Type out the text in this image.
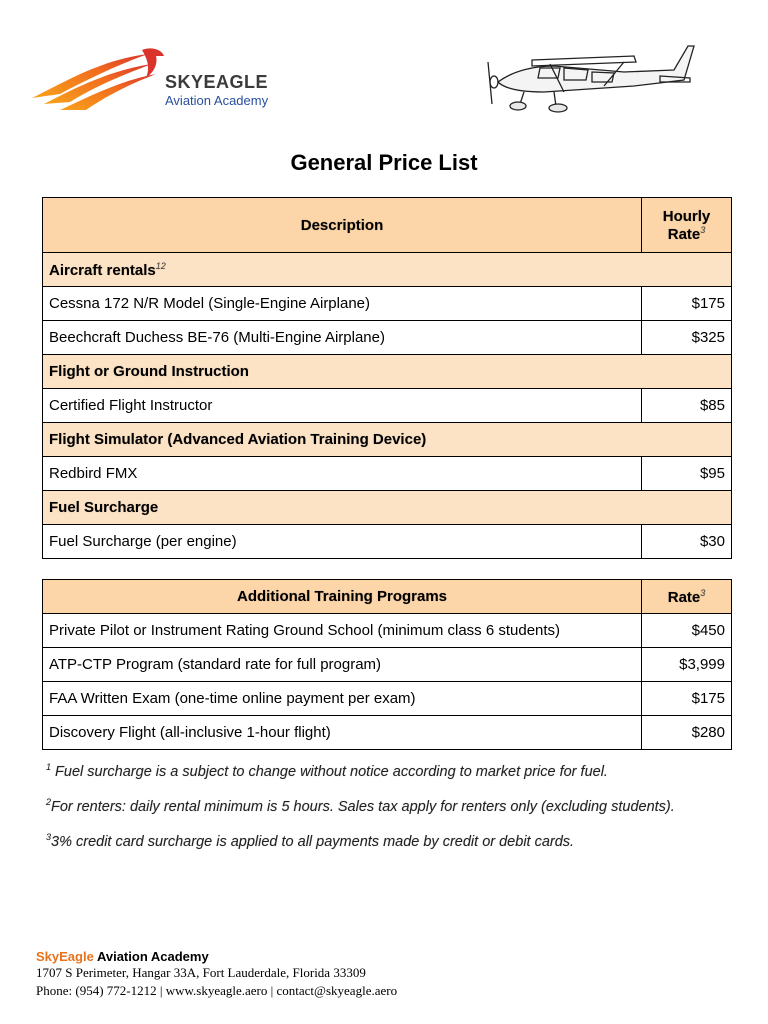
SKYEAGLE
Aviation Academy
General Price List
Description	Hourly Rate$^3$
Aircraft rentals$^{12}$
Cessna 172 N/R Model (Single-Engine Airplane)	$175
Beechcraft Duchess BE-76 (Multi-Engine Airplane)	$325
Flight or Ground Instruction	
Certified Flight Instructor	$85
Flight Simulator (Advanced Aviation Training Device)	
Redbird FMX	$95
Fuel Surcharge	
Fuel Surcharge (per engine)	$30
Additional Training Programs	Rate$^3$
Private Pilot or Instrument Rating Ground School (minimum class 6 students)	$450
ATP-CTP Program (standard rate for full program)	$3,999
FAA Written Exam (one-time online payment per exam)	$175
Discovery Flight (all-inclusive 1-hour flight)	$280

$^1$ Fuel surcharge is a subject to change without notice according to market price for fuel.

$^2$For renters: daily rental minimum is 5 hours. Sales tax apply for renters only (excluding students).

$^3$3% credit card surcharge is applied to all payments made by credit or debit cards.

SkyEagle Aviation Academy
1707 S Perimeter, Hangar 33A, Fort Lauderdale, Florida 33309
Phone: (954) 772-1212 | www.skyeagle.aero | contact@skyeagle.aero
